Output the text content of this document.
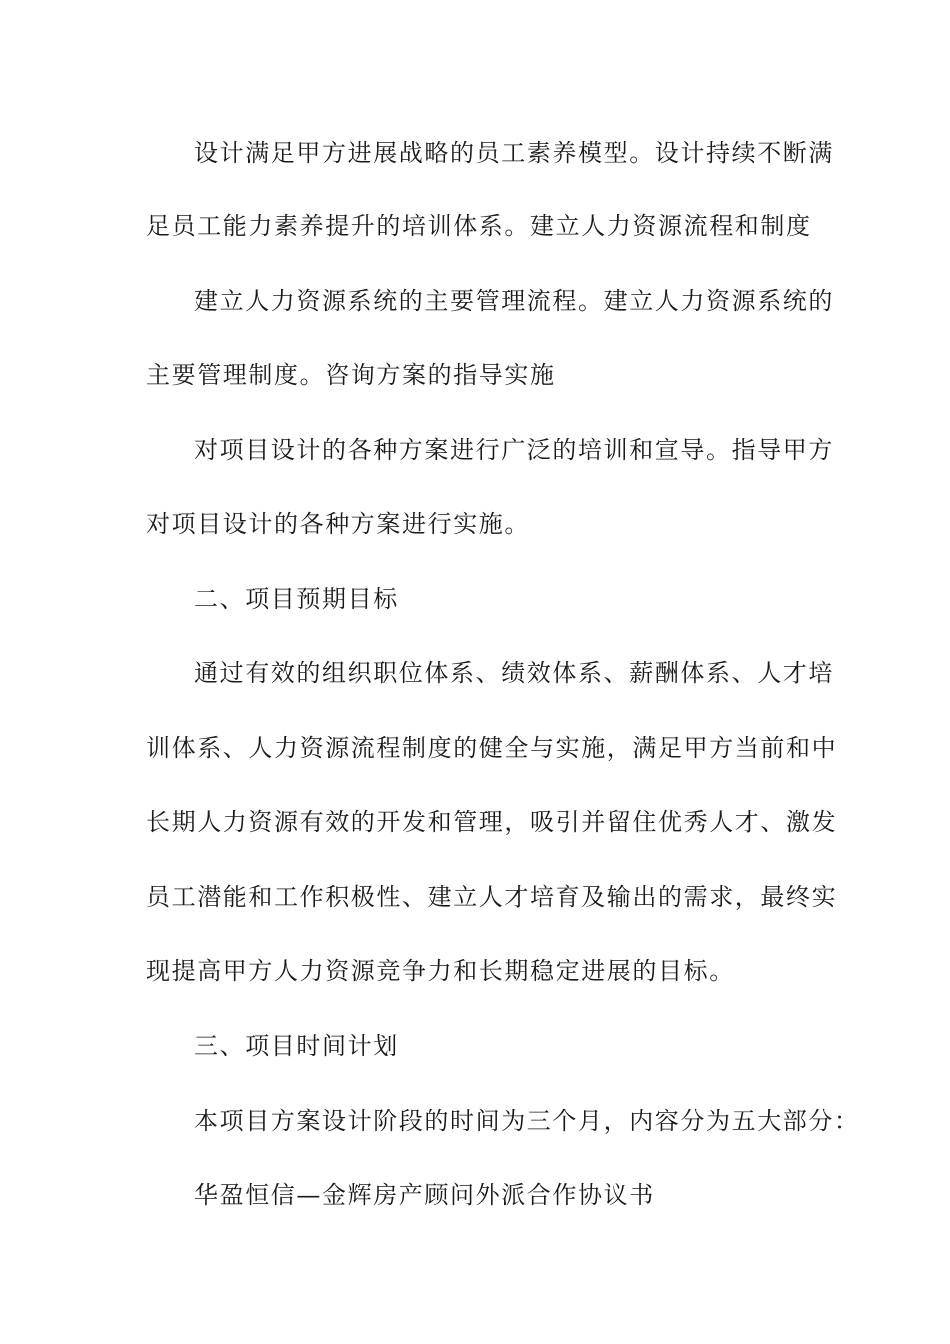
设计满足甲方进展战略的员工素养模型。设计持续不断满
足员工能力素养提升的培训体系。建立人力资源流程和制度
建立人力资源系统的主要管理流程。建立人力资源系统的
主要管理制度。咨询方案的指导实施
对项目设计的各种方案进行广泛的培训和宣导。指导甲方
对项目设计的各种方案进行实施。
二、项目预期目标
通过有效的组织职位体系、绩效体系、薪酬体系、人才培
训体系、人力资源流程制度的健全与实施，满足甲方当前和中
长期人力资源有效的开发和管理，吸引并留住优秀人才、激发
员工潜能和工作积极性、建立人才培育及输出的需求，最终实
现提高甲方人力资源竞争力和长期稳定进展的目标。
三、项目时间计划
本项目方案设计阶段的时间为三个月，内容分为五大部分：
华盈恒信—金辉房产顾问外派合作协议书
